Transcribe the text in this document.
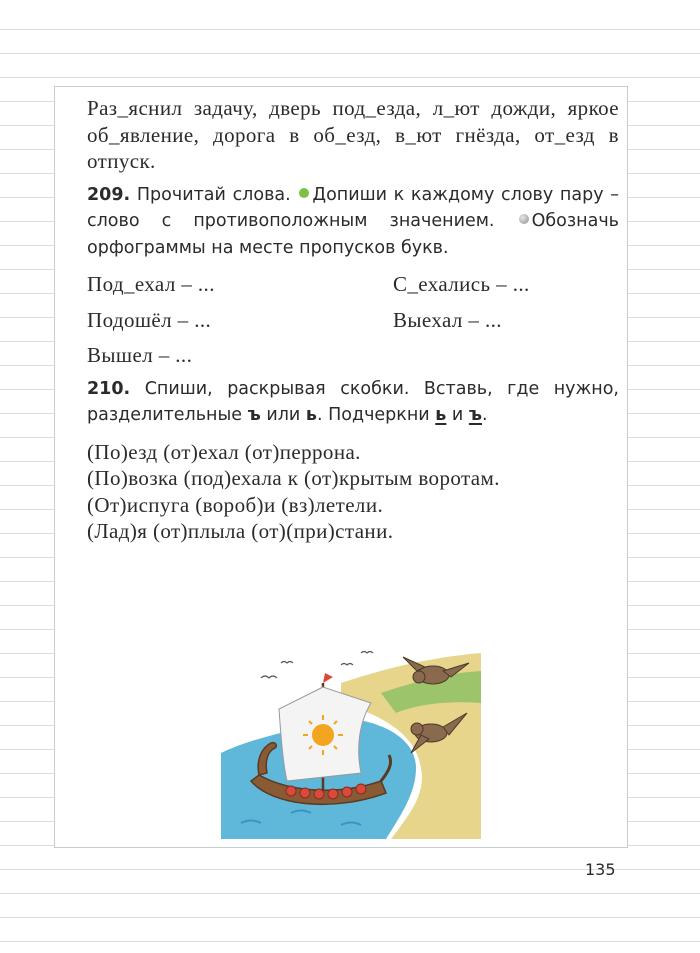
Раз_яснил задачу, дверь под_езда, л_ют дожди, яркое об_явление, дорога в об_езд, в_ют гнёзда, от_езд в отпуск.
209. Прочитай слова. Допиши к каждому слову пару – слово с противоположным значением. Обозначь орфограммы на месте пропусков букв.
Под_ехал – ...	С_ехались – ...
Подошёл – ...	Выехал – ...
Вышел – ...
210. Спиши, раскрывая скобки. Вставь, где нужно, разделительные ъ или ь. Подчеркни ь и ъ.
(По)езд (от)ехал (от)перрона.
(По)возка (под)ехала к (от)крытым воротам.
(От)испуга (вороб)и (вз)летели.
(Лад)я (от)плыла (от)(при)стани.
135
